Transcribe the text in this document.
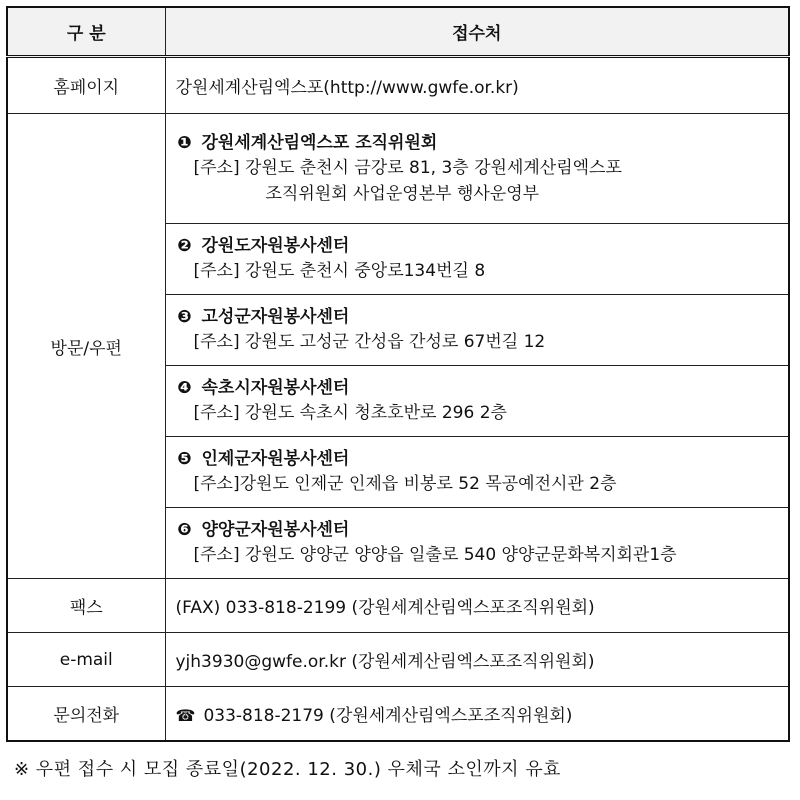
구 분	접수처
홈페이지	강원세계산림엑스포(http://www.gwfe.or.kr)
방문/우편	❶ 강원세계산림엑스포 조직위원회
[주소] 강원도 춘천시 금강로 81, 3층 강원세계산림엑스포
조직위원회 사업운영본부 행사운영부

	❷ 강원도자원봉사센터
[주소] 강원도 춘천시 중앙로134번길 8

	❸ 고성군자원봉사센터
[주소] 강원도 고성군 간성읍 간성로 67번길 12

	❹ 속초시자원봉사센터
[주소] 강원도 속초시 청초호반로 296 2층

	❺ 인제군자원봉사센터
[주소]강원도 인제군 인제읍 비봉로 52 목공예전시관 2층

	❻ 양양군자원봉사센터
[주소] 강원도 양양군 양양읍 일출로 540 양양군문화복지회관1층

팩스	(FAX) 033-818-2199 (강원세계산림엑스포조직위원회)
e-mail	yjh3930@gwfe.or.kr (강원세계산림엑스포조직위원회)
문의전화	☎ 033-818-2179 (강원세계산림엑스포조직위원회)
※ 우편 접수 시 모집 종료일(2022. 12. 30.) 우체국 소인까지 유효
